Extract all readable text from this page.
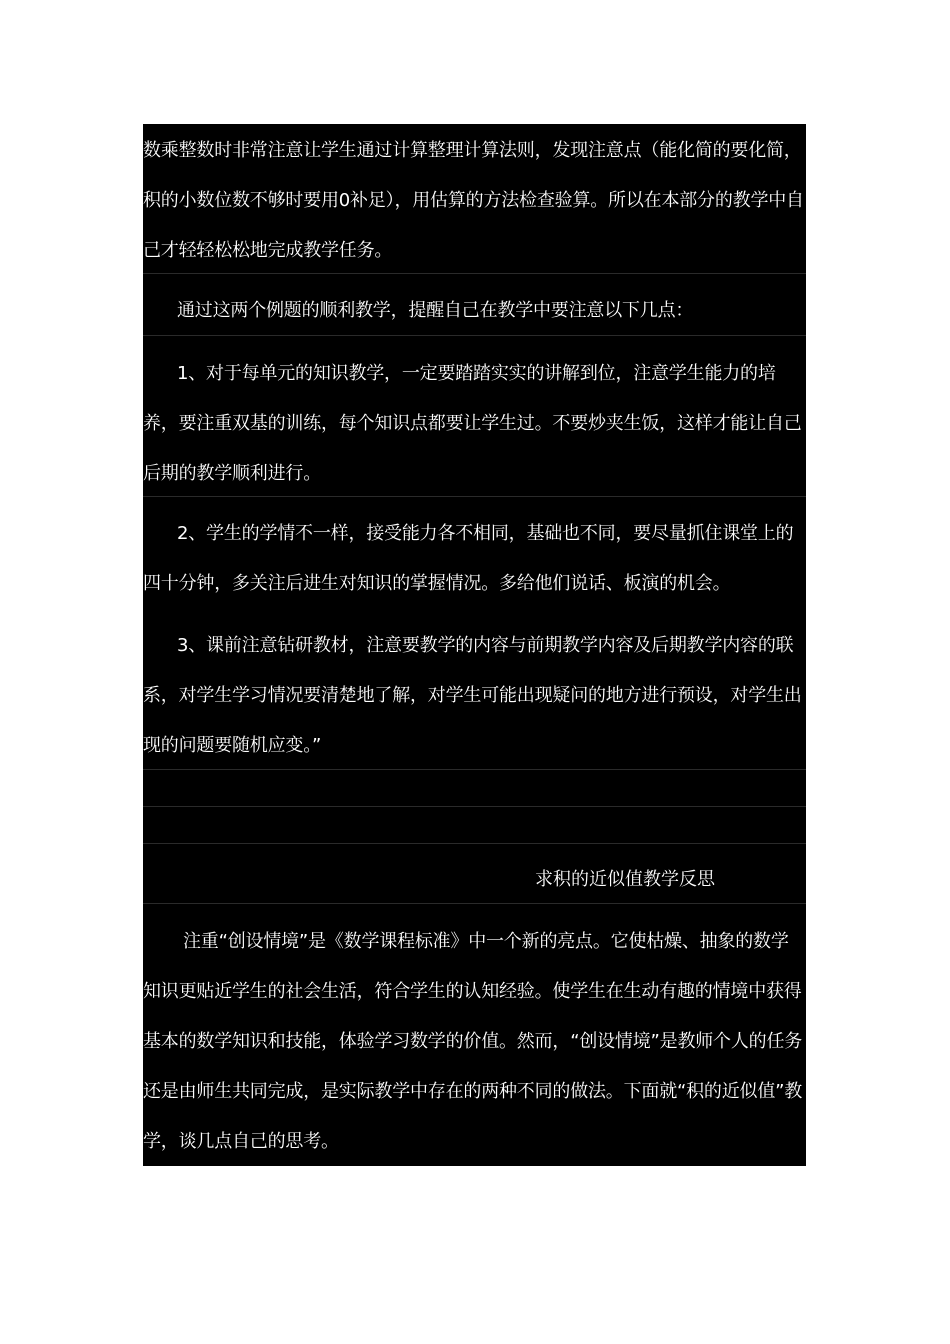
数乘整数时非常注意让学生通过计算整理计算法则，发现注意点（能化简的要化简，积的小数位数不够时要用0补足），用估算的方法检查验算。所以在本部分的教学中自己才轻轻松松地完成教学任务。

通过这两个例题的顺利教学，提醒自己在教学中要注意以下几点：

1、对于每单元的知识教学，一定要踏踏实实的讲解到位，注意学生能力的培养，要注重双基的训练，每个知识点都要让学生过。不要炒夹生饭，这样才能让自己后期的教学顺利进行。

2、学生的学情不一样，接受能力各不相同，基础也不同，要尽量抓住课堂上的四十分钟，多关注后进生对知识的掌握情况。多给他们说话、板演的机会。

3、课前注意钻研教材，注意要教学的内容与前期教学内容及后期教学内容的联系，对学生学习情况要清楚地了解，对学生可能出现疑问的地方进行预设，对学生出现的问题要随机应变。”

求积的近似值教学反思

注重“创设情境”是《数学课程标准》中一个新的亮点。它使枯燥、抽象的数学知识更贴近学生的社会生活，符合学生的认知经验。使学生在生动有趣的情境中获得基本的数学知识和技能，体验学习数学的价值。然而，“创设情境”是教师个人的任务还是由师生共同完成，是实际教学中存在的两种不同的做法。下面就“积的近似值”教学，谈几点自己的思考。
